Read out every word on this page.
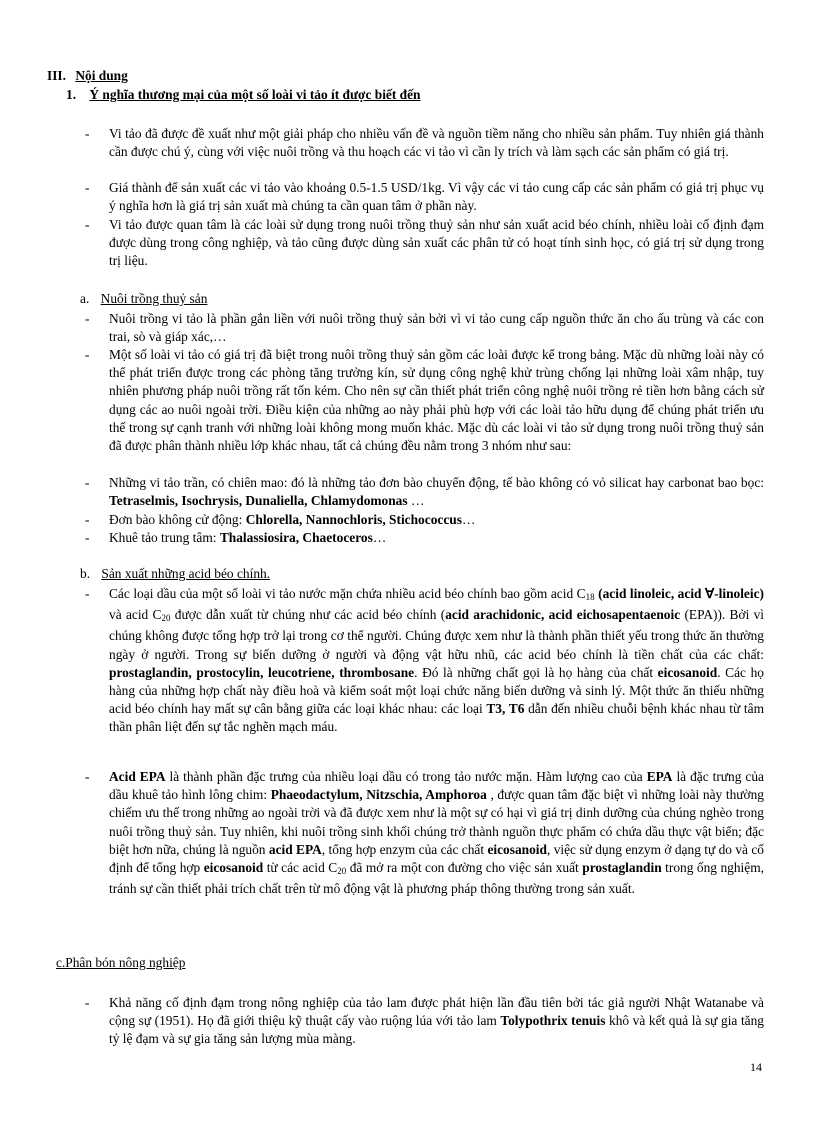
III. Nội dung
1. Ý nghĩa thương mại của một số loài vi tảo ít được biết đến
- Vi tảo đã được đề xuất như một giải pháp cho nhiều vấn đề và nguồn tiềm năng cho nhiều sản phẩm. Tuy nhiên giá thành cần được chú ý, cùng với việc nuôi trồng và thu hoạch các vi tảo vì cần ly trích và làm sạch các sản phẩm có giá trị.

- Giá thành để sản xuất các vi tảo vào khoảng 0.5-1.5 USD/1kg. Vì vậy các vi tảo cung cấp các sản phẩm có giá trị phục vụ ý nghĩa hơn là giá trị sản xuất mà chúng ta cần quan tâm ở phần này.

- Vi tảo được quan tâm là các loài sử dụng trong nuôi trồng thuỷ sản như sản xuất acid béo chính, nhiều loài cố định đạm được dùng trong công nghiệp, và tảo cũng được dùng sản xuất các phân tử có hoạt tính sinh học, có giá trị sử dụng trong trị liệu.

a. Nuôi trồng thuỷ sản
- Nuôi trồng vi tảo là phần gắn liền với nuôi trồng thuỷ sản bởi vì vi tảo cung cấp nguồn thức ăn cho ấu trùng và các con trai, sò và giáp xác,…

- Một số loài vi tảo có giá trị đã biệt trong nuôi trồng thuỷ sản gồm các loài được kể trong bảng. Mặc dù những loài này có thể phát triển được trong các phòng tăng trưởng kín, sử dụng công nghệ khử trùng chống lại những loài xâm nhập, tuy nhiên phương pháp nuôi trồng rất tốn kém. Cho nên sự cần thiết phát triển công nghệ nuôi trồng rẻ tiền hơn bằng cách sử dụng các ao nuôi ngoài trời. Điều kiện của những ao này phải phù hợp với các loài tảo hữu dụng để chúng phát triển ưu thế trong sự cạnh tranh với những loài không mong muốn khác. Mặc dù các loài vi tảo sử dụng trong nuôi trồng thuỷ sản đã được phân thành nhiều lớp khác nhau, tất cả chúng đều nằm trong 3 nhóm như sau:

- Những vi tảo trần, có chiên mao: đó là những tảo đơn bào chuyển động, tế bào không có vỏ silicat hay carbonat bao bọc: Tetraselmis, Isochrysis, Dunaliella, Chlamydomonas …

- Đơn bào không cử động: Chlorella, Nannochloris, Stichococcus…

- Khuê tảo trung tâm: Thalassiosira, Chaetoceros…

b. Sản xuất những acid béo chính.
- Các loại dầu của một số loài vi tảo nước mặn chứa nhiều acid béo chính bao gồm acid $C_{18}$ (acid linoleic, acid ∀-linoleic) và acid $C_{20}$ được dẫn xuất từ chúng như các acid béo chính (acid arachidonic, acid eichosapentaenoic (EPA)). Bởi vì chúng không được tổng hợp trở lại trong cơ thể người. Chúng được xem như là thành phần thiết yếu trong thức ăn thường ngày ở người. Trong sự biến dưỡng ở người và động vật hữu nhũ, các acid béo chính là tiền chất của các chất: prostaglandin, prostocylin, leucotriene, thrombosane. Đó là những chất gọi là họ hàng của chất eicosanoid. Các họ hàng của những hợp chất này điều hoà và kiểm soát một loại chức năng biến dưỡng và sinh lý. Một thức ăn thiếu những acid béo chính hay mất sự cân bằng giữa các loại khác nhau: các loại T3, T6 dẫn đến nhiều chuỗi bệnh khác nhau từ tâm thần phân liệt đến sự tắc nghẽn mạch máu.

- Acid EPA là thành phần đặc trưng của nhiều loại dầu có trong tảo nước mặn. Hàm lượng cao của EPA là đặc trưng của dầu khuê tảo hình lông chim: Phaeodactylum, Nitzschia, Amphoroa , được quan tâm đặc biệt vì những loài này thường chiếm ưu thế trong những ao ngoài trời và đã được xem như là một sự có hại vì giá trị dinh dưỡng của chúng nghèo trong nuôi trồng thuỷ sản. Tuy nhiên, khi nuôi trồng sinh khối chúng trở thành nguồn thực phẩm có chứa dầu thực vật biển; đặc biệt hơn nữa, chúng là nguồn acid EPA, tổng hợp enzym của các chất eicosanoid, việc sử dụng enzym ở dạng tự do và cố định để tổng hợp eicosanoid từ các acid $C_{20}$ đã mở ra một con đường cho việc sản xuất prostaglandin trong ống nghiệm, tránh sự cần thiết phải trích chất trên từ mô động vật là phương pháp thông thường trong sản xuất.

c.Phân bón nông nghiệp
- Khả năng cố định đạm trong nông nghiệp của tảo lam được phát hiện lần đầu tiên bởi tác giả người Nhật Watanabe và cộng sự (1951). Họ đã giới thiệu kỹ thuật cấy vào ruộng lúa với tảo lam Tolypothrix tenuis khô và kết quả là sự gia tăng tỷ lệ đạm và sự gia tăng sản lượng mùa màng.

14
